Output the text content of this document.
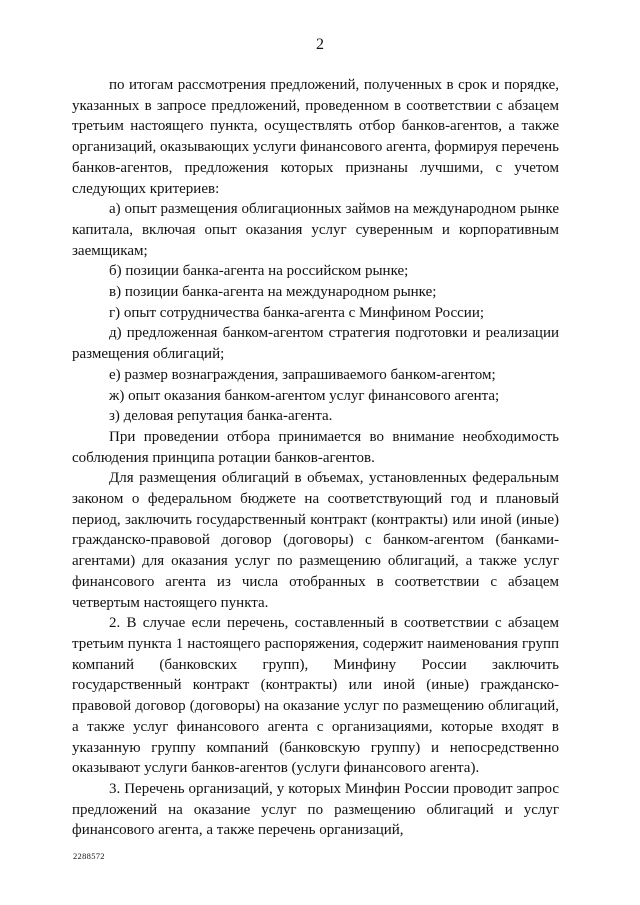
2

по итогам рассмотрения предложений, полученных в срок и порядке, указанных в запросе предложений, проведенном в соответствии с абзацем третьим настоящего пункта, осуществлять отбор банков-агентов, а также организаций, оказывающих услуги финансового агента, формируя перечень банков-агентов, предложения которых признаны лучшими, с учетом следующих критериев:

а) опыт размещения облигационных займов на международном рынке капитала, включая опыт оказания услуг суверенным и корпоративным заемщикам;

б) позиции банка-агента на российском рынке;

в) позиции банка-агента на международном рынке;

г) опыт сотрудничества банка-агента с Минфином России;

д) предложенная банком-агентом стратегия подготовки и реализации размещения облигаций;

е) размер вознаграждения, запрашиваемого банком-агентом;

ж) опыт оказания банком-агентом услуг финансового агента;

з) деловая репутация банка-агента.

При проведении отбора принимается во внимание необходимость соблюдения принципа ротации банков-агентов.

Для размещения облигаций в объемах, установленных федеральным законом о федеральном бюджете на соответствующий год и плановый период, заключить государственный контракт (контракты) или иной (иные) гражданско-правовой договор (договоры) с банком-агентом (банками-агентами) для оказания услуг по размещению облигаций, а также услуг финансового агента из числа отобранных в соответствии с абзацем четвертым настоящего пункта.

2. В случае если перечень, составленный в соответствии с абзацем третьим пункта 1 настоящего распоряжения, содержит наименования групп компаний (банковских групп), Минфину России заключить государственный контракт (контракты) или иной (иные) гражданско-правовой договор (договоры) на оказание услуг по размещению облигаций, а также услуг финансового агента с организациями, которые входят в указанную группу компаний (банковскую группу) и непосредственно оказывают услуги банков-агентов (услуги финансового агента).

3. Перечень организаций, у которых Минфин России проводит запрос предложений на оказание услуг по размещению облигаций и услуг финансового агента, а также перечень организаций,

2288572
